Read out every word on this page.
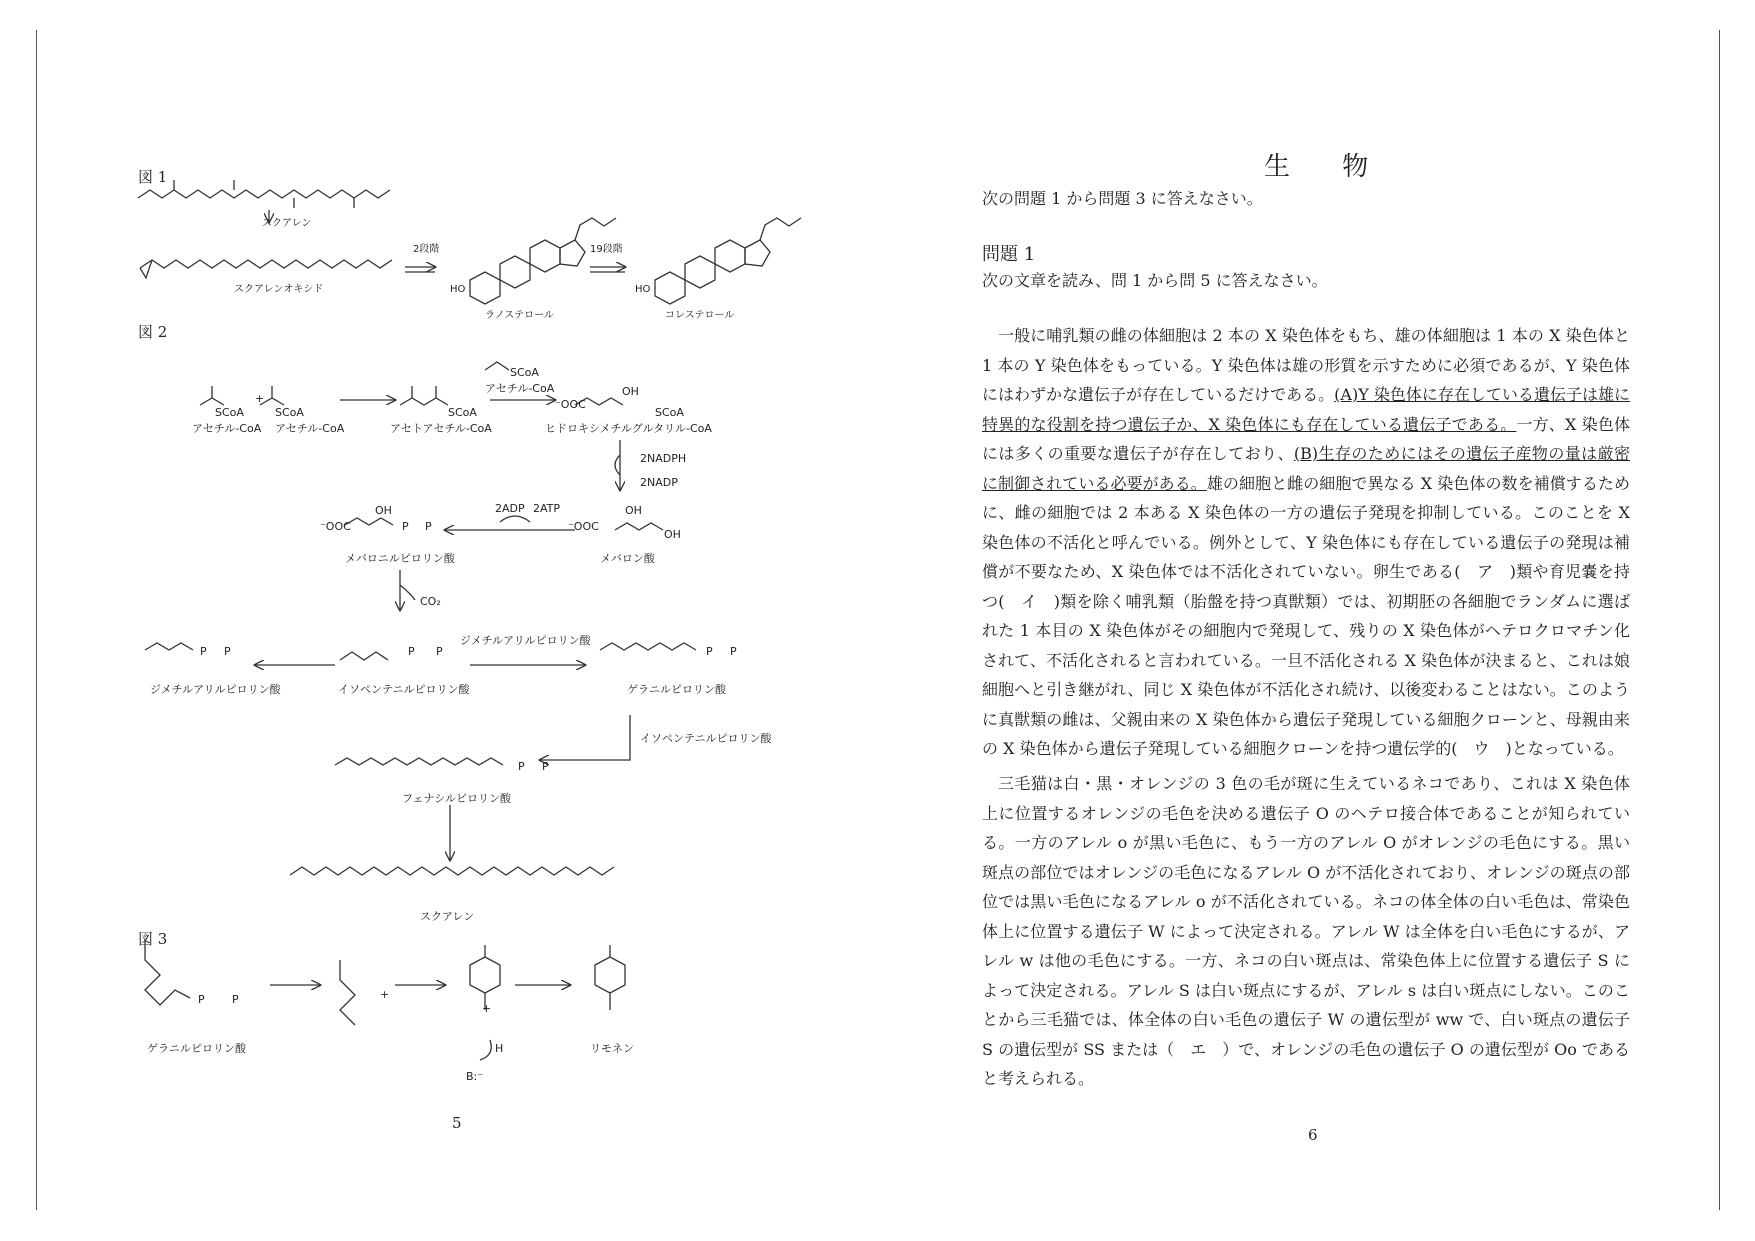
図 1
図 2
図 3
5
スクアレン
スクアレンオキシド
2段階	19段階
HO	HO
ラノステロール	コレステロール
SCoA	SCoA
+
アセチル-CoA アセチル-CoA
SCoA
アセトアセチル-CoA
SCoA
アセチル-CoA
⁻OOC
OH
SCoA
ヒドロキシメチルグルタリル-CoA
2NADPH
2NADP
2ADP 2ATP
⁻OOC
OH
OH
メバロン酸
⁻OOC
OH
P P
メバロニルピロリン酸
CO₂
P P
P P	P P
ジメチルアリルピロリン酸
ジメチルアリルピロリン酸	イソペンテニルピロリン酸	ゲラニルピロリン酸
イソペンテニルピロリン酸
P P
フェナシルピロリン酸
スクアレン
P P	+
+
ゲラニルピロリン酸	H
B:⁻
リモネン
生 物
次の問題 1 から問題 3 に答えなさい。
問題 1
次の文章を読み、問 1 から問 5 に答えなさい。
一般に哺乳類の雌の体細胞は 2 本の X 染色体をもち、雄の体細胞は 1 本の X 染色体と 1 本の Y 染色体をもっている。Y 染色体は雄の形質を示すために必須であるが、Y 染色体にはわずかな遺伝子が存在しているだけである。(A)Y 染色体に存在している遺伝子は雄に特異的な役割を持つ遺伝子か、X 染色体にも存在している遺伝子である。一方、X 染色体には多くの重要な遺伝子が存在しており、(B)生存のためにはその遺伝子産物の量は厳密に制御されている必要がある。雄の細胞と雌の細胞で異なる X 染色体の数を補償するために、雌の細胞では 2 本ある X 染色体の一方の遺伝子発現を抑制している。このことを X 染色体の不活化と呼んでいる。例外として、Y 染色体にも存在している遺伝子の発現は補償が不要なため、X 染色体では不活化されていない。卵生である(　ア　)類や育児嚢を持つ(　イ　)類を除く哺乳類（胎盤を持つ真獣類）では、初期胚の各細胞でランダムに選ばれた 1 本目の X 染色体がその細胞内で発現して、残りの X 染色体がヘテロクロマチン化されて、不活化されると言われている。一旦不活化される X 染色体が決まると、これは娘細胞へと引き継がれ、同じ X 染色体が不活化され続け、以後変わることはない。このように真獣類の雌は、父親由来の X 染色体から遺伝子発現している細胞クローンと、母親由来の X 染色体から遺伝子発現している細胞クローンを持つ遺伝学的(　ウ　)となっている。
三毛猫は白・黒・オレンジの 3 色の毛が斑に生えているネコであり、これは X 染色体上に位置するオレンジの毛色を決める遺伝子 O のヘテロ接合体であることが知られている。一方のアレル o が黒い毛色に、もう一方のアレル O がオレンジの毛色にする。黒い斑点の部位ではオレンジの毛色になるアレル O が不活化されており、オレンジの斑点の部位では黒い毛色になるアレル o が不活化されている。ネコの体全体の白い毛色は、常染色体上に位置する遺伝子 W によって決定される。アレル W は全体を白い毛色にするが、アレル w は他の毛色にする。一方、ネコの白い斑点は、常染色体上に位置する遺伝子 S によって決定される。アレル S は白い斑点にするが、アレル s は白い斑点にしない。このことから三毛猫では、体全体の白い毛色の遺伝子 W の遺伝型が ww で、白い斑点の遺伝子 S の遺伝型が SS または（　エ　）で、オレンジの毛色の遺伝子 O の遺伝型が Oo であると考えられる。
6
